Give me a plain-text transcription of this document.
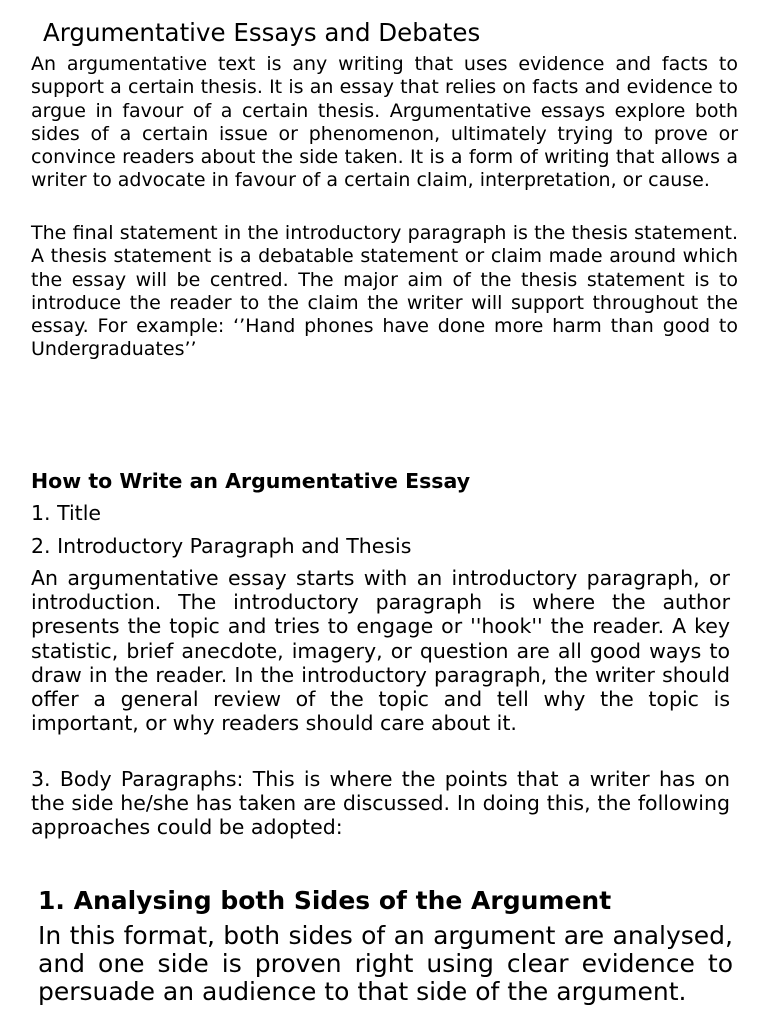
Argumentative Essays and Debates

An argumentative text is any writing that uses evidence and facts to support a certain thesis. It is an essay that relies on facts and evidence to argue in favour of a certain thesis. Argumentative essays explore both sides of a certain issue or phenomenon, ultimately trying to prove or convince readers about the side taken. It is a form of writing that allows a writer to advocate in favour of a certain claim, interpretation, or cause.

The final statement in the introductory paragraph is the thesis statement. A thesis statement is a debatable statement or claim made around which the essay will be centred. The major aim of the thesis statement is to introduce the reader to the claim the writer will support throughout the essay. For example: ‘’Hand phones have done more harm than good to Undergraduates’’

How to Write an Argumentative Essay

1. Title

2. Introductory Paragraph and Thesis

An argumentative essay starts with an introductory paragraph, or introduction. The introductory paragraph is where the author presents the topic and tries to engage or ''hook'' the reader. A key statistic, brief anecdote, imagery, or question are all good ways to draw in the reader. In the introductory paragraph, the writer should offer a general review of the topic and tell why the topic is important, or why readers should care about it.

3. Body Paragraphs: This is where the points that a writer has on the side he/she has taken are discussed. In doing this, the following approaches could be adopted:

1. Analysing both Sides of the Argument

In this format, both sides of an argument are analysed, and one side is proven right using clear evidence to persuade an audience to that side of the argument.
